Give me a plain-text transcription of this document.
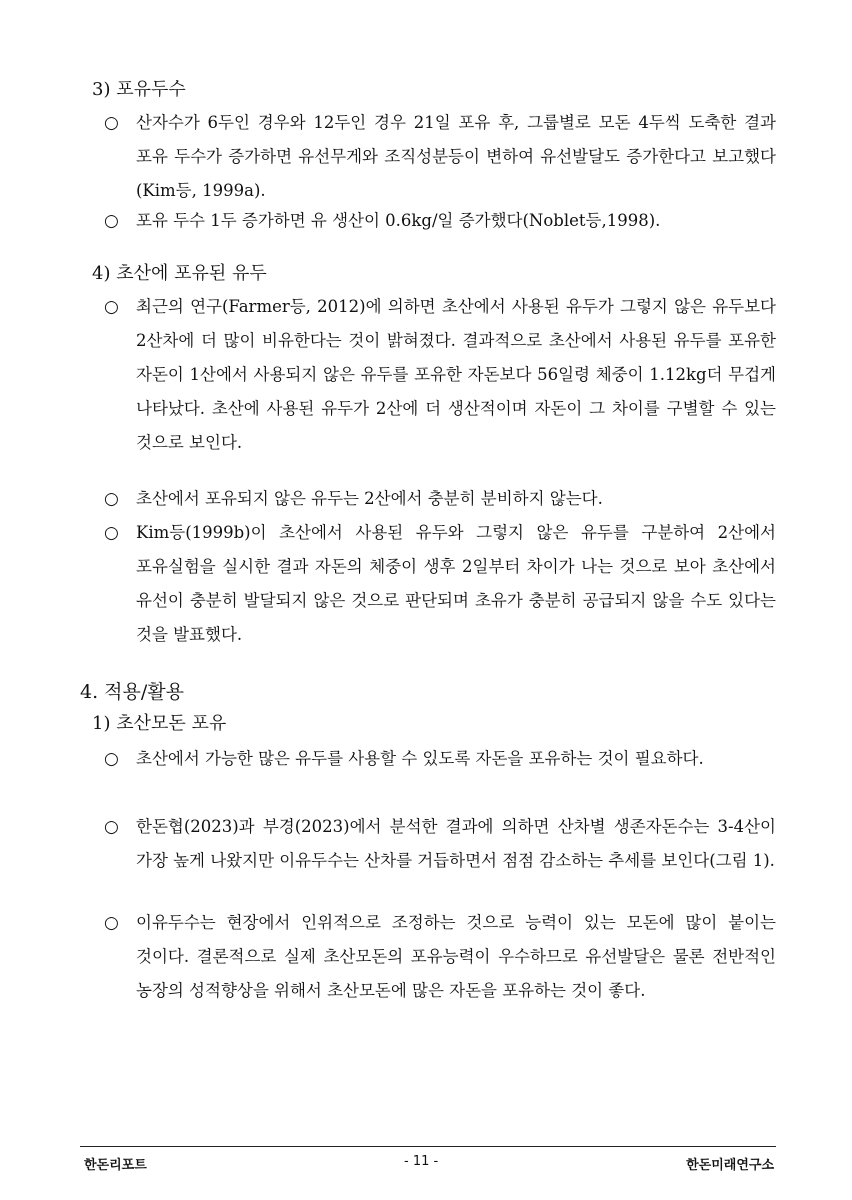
3) 포유두수
○	산자수가 6두인 경우와 12두인 경우 21일 포유 후, 그룹별로 모돈 4두씩 도축한 결과 포유 두수가 증가하면 유선무게와 조직성분등이 변하여 유선발달도 증가한다고 보고했다(Kim등, 1999a).
○	포유 두수 1두 증가하면 유 생산이 0.6kg/일 증가했다(Noblet등,1998).
4) 초산에 포유된 유두
○	최근의 연구(Farmer등, 2012)에 의하면 초산에서 사용된 유두가 그렇지 않은 유두보다 2산차에 더 많이 비유한다는 것이 밝혀졌다. 결과적으로 초산에서 사용된 유두를 포유한 자돈이 1산에서 사용되지 않은 유두를 포유한 자돈보다 56일령 체중이 1.12kg더 무겁게 나타났다. 초산에 사용된 유두가 2산에 더 생산적이며 자돈이 그 차이를 구별할 수 있는 것으로 보인다.
○	초산에서 포유되지 않은 유두는 2산에서 충분히 분비하지 않는다.
○	Kim등(1999b)이 초산에서 사용된 유두와 그렇지 않은 유두를 구분하여 2산에서 포유실험을 실시한 결과 자돈의 체중이 생후 2일부터 차이가 나는 것으로 보아 초산에서 유선이 충분히 발달되지 않은 것으로 판단되며 초유가 충분히 공급되지 않을 수도 있다는 것을 발표했다.
4. 적용/활용
1) 초산모돈 포유
○	초산에서 가능한 많은 유두를 사용할 수 있도록 자돈을 포유하는 것이 필요하다.
○	한돈협(2023)과 부경(2023)에서 분석한 결과에 의하면 산차별 생존자돈수는 3-4산이 가장 높게 나왔지만 이유두수는 산차를 거듭하면서 점점 감소하는 추세를 보인다(그림 1).
○	이유두수는 현장에서 인위적으로 조정하는 것으로 능력이 있는 모돈에 많이 붙이는 것이다. 결론적으로 실제 초산모돈의 포유능력이 우수하므로 유선발달은 물론 전반적인 농장의 성적향상을 위해서 초산모돈에 많은 자돈을 포유하는 것이 좋다.
한돈리포트	- 11 -	한돈미래연구소
